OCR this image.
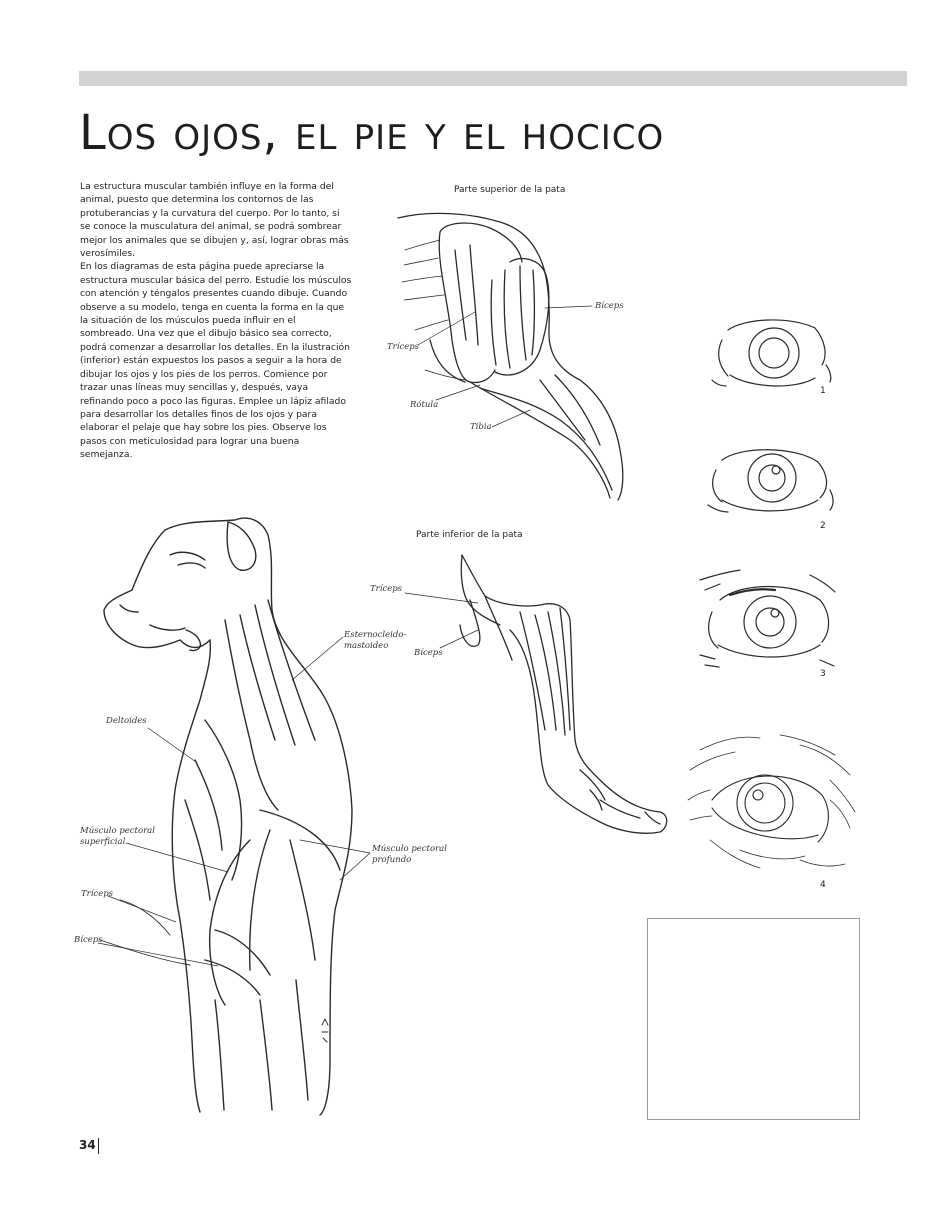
Los ojos, el pie y el hocico

La estructura muscular también influye en la forma del animal, puesto que determina los contornos de las protuberancias y la curvatura del cuerpo. Por lo tanto, si se conoce la musculatura del animal, se podrá sombrear mejor los animales que se dibujen y, así, lograr obras más verosímiles.

En los diagramas de esta página puede apreciarse la estructura muscular básica del perro. Estudie los músculos con atención y téngalos presentes cuando dibuje. Cuando observe a su modelo, tenga en cuenta la forma en la que la situación de los músculos pueda influir en el sombreado. Una vez que el dibujo básico sea correcto, podrá comenzar a desarrollar los detalles. En la ilustración (inferior) están expuestos los pasos a seguir a la hora de dibujar los ojos y los pies de los perros. Comience por trazar unas líneas muy sencillas y, después, vaya refinando poco a poco las figuras. Emplee un lápiz afilado para desarrollar los detalles finos de los ojos y para elaborar el pelaje que hay sobre los pies. Observe los pasos con meticulosidad para lograr una buena semejanza.

Parte superior de la pata
Bíceps
Tríceps
Rótula
Tibia
Parte inferior de la pata
Tríceps
Bíceps
Esternocleido-
mastoideo
Deltoides
Músculo pectoral
superficial
Tríceps
Bíceps
Músculo pectoral
profundo
1
2
3
4
34
